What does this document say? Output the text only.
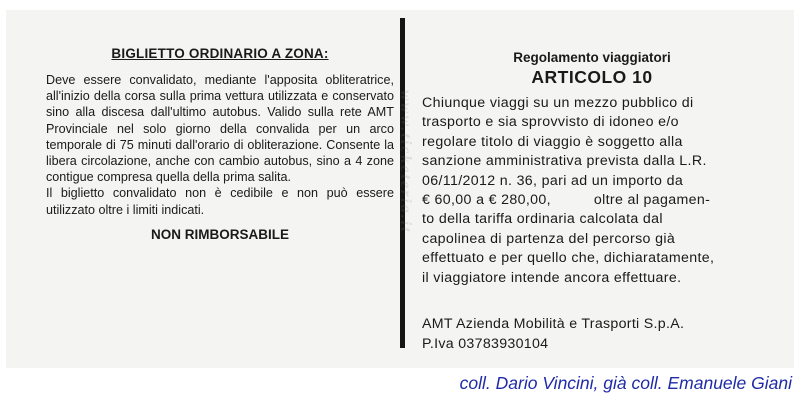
BIGLIETTO ORDINARIO A ZONA:

Deve essere convalidato, mediante l'apposita obliteratrice, all'inizio della corsa sulla prima vettura utilizzata e conservato sino alla discesa dall'ultimo autobus. Valido sulla rete AMT Provinciale nel solo giorno della convalida per un arco temporale di 75 minuti dall'orario di obliterazione. Consente la libera circolazione, anche con cambio autobus, sino a 4 zone contigue compresa quella della prima salita.

Il biglietto convalidato non è cedibile e non può essere utilizzato oltre i limiti indicati.

NON RIMBORSABILE
www.ticketeria.it
Regolamento viaggiatori
ARTICOLO 10
Chiunque viaggi su un mezzo pubblico di
trasporto e sia sprovvisto di idoneo e/o
regolare titolo di viaggio è soggetto alla
sanzione amministrativa prevista dalla L.R.
06/11/2012 n. 36, pari ad un importo da
€ 60,00 a € 280,00,          oltre al pagamen-
to della tariffa ordinaria calcolata dal
capolinea di partenza del percorso già
effettuato e per quello che, dichiaratamente,
il viaggiatore intende ancora effettuare.
AMT Azienda Mobilità e Trasporti S.p.A.
P.Iva 03783930104
coll. Dario Vincini, già coll. Emanuele Giani
